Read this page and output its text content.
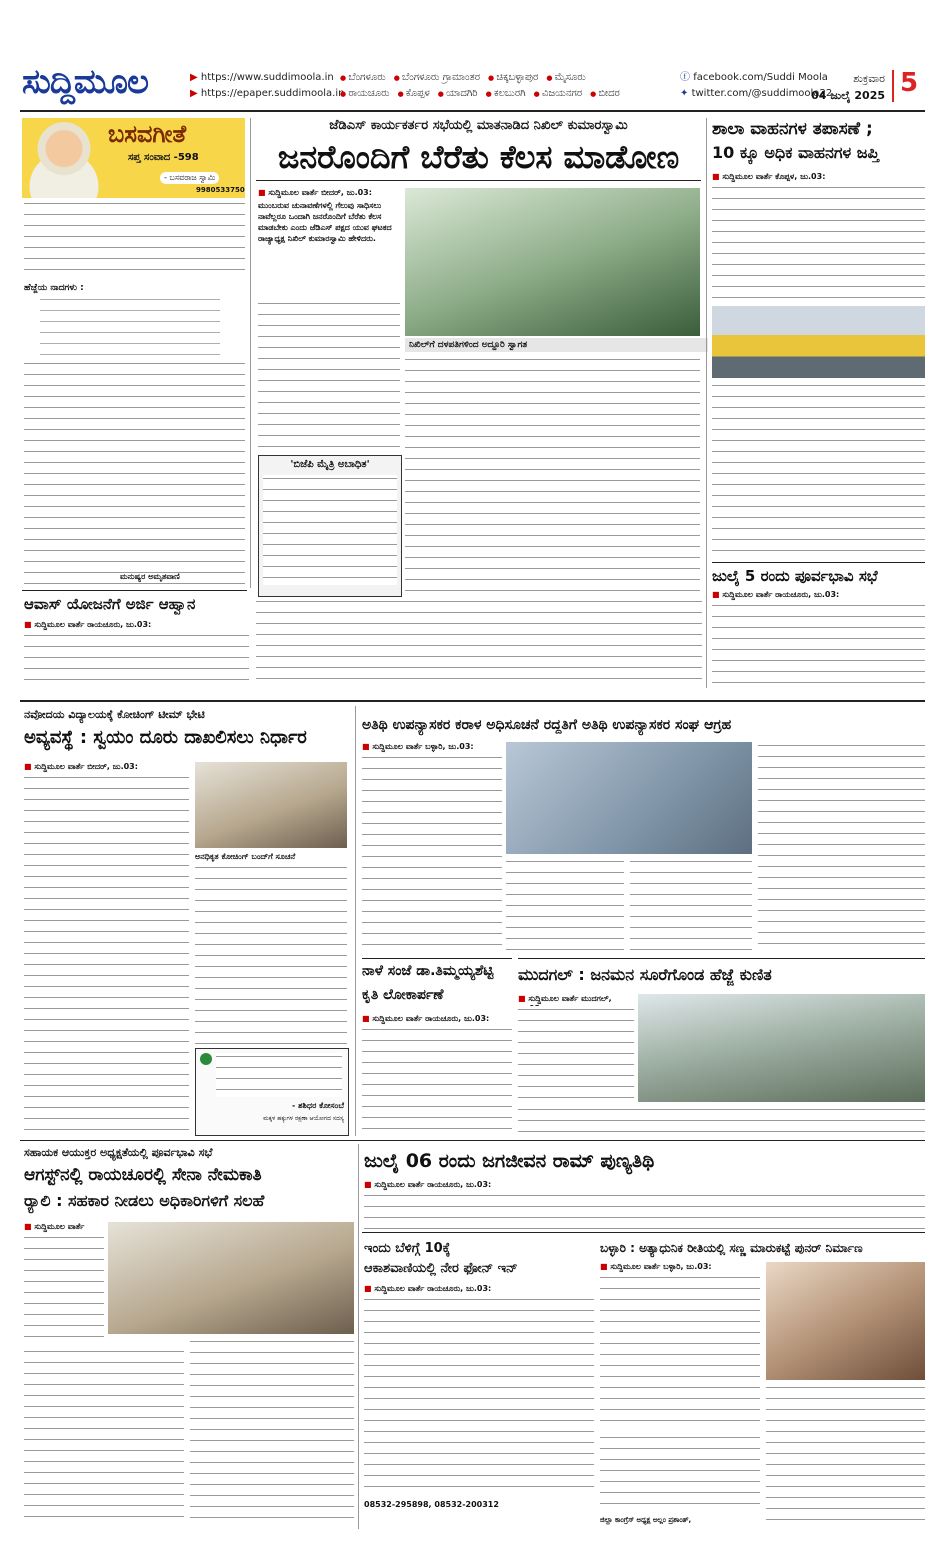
ಸುದ್ದಿಮೂಲ	▶ https://www.suddimoola.in
▶ https://epaper.suddimoola.in
● ಬೆಂಗಳೂರು ● ಬೆಂಗಳೂರು ಗ್ರಾಮಾಂತರ ● ಚಿಕ್ಕಬಳ್ಳಾಪುರ ● ಮೈಸೂರು
● ರಾಯಚೂರು ● ಕೊಪ್ಪಳ ● ಯಾದಗಿರಿ ● ಕಲಬುರಗಿ ● ವಿಜಯನಗರ ● ಬೀದರ
ⓕ facebook.com/Suddi Moola
✦ twitter.com/@suddimoola22
ಶುಕ್ರವಾರ
04 ಜುಲೈ 2025 5
ಬಸವಗೀತೆ
ಸಪ್ತ ಸಂವಾದ -598
- ಬಸವರಾಜ ಸ್ವಾಮಿ
9980533750
ಹೆಜ್ಜೆಯ ನಾದಗಳು :
ಮನುಷ್ಯರ ಅಮೃತವಾಣಿ
ಜೆಡಿಎಸ್ ಕಾರ್ಯಕರ್ತರ ಸಭೆಯಲ್ಲಿ ಮಾತನಾಡಿದ ನಿಖಿಲ್ ಕುಮಾರಸ್ವಾಮಿ
ಜನರೊಂದಿಗೆ ಬೆರೆತು ಕೆಲಸ ಮಾಡೋಣ
■ ಸುದ್ದಿಮೂಲ ವಾರ್ತೆ ಬೀದರ್, ಜು.03:
ಮುಂಬರುವ ಚುನಾವಣೆಗಳಲ್ಲಿ ಗೆಲುವು ಸಾಧಿಸಲು ನಾವೆಲ್ಲರೂ ಒಂದಾಗಿ ಜನರೊಂದಿಗೆ ಬೆರೆತು ಕೆಲಸ ಮಾಡಬೇಕು ಎಂದು ಜೆಡಿಎಸ್ ಪಕ್ಷದ ಯುವ ಘಟಕದ ರಾಜ್ಯಾಧ್ಯಕ್ಷ ನಿಖಿಲ್ ಕುಮಾರಸ್ವಾಮಿ ಹೇಳಿದರು.
ನಿಖಿಲ್‌ಗೆ ದಳಪತಿಗಳಿಂದ ಅದ್ದೂರಿ ಸ್ವಾಗತ
'ಬಿಜೆಪಿ ಮೈತ್ರಿ ಅಬಾಧಿತ'
ಶಾಲಾ ವಾಹನಗಳ ತಪಾಸಣೆ ;
10 ಕ್ಕೂ ಅಧಿಕ ವಾಹನಗಳ ಜಪ್ತಿ
■ ಸುದ್ದಿಮೂಲ ವಾರ್ತೆ ಕೊಪ್ಪಳ, ಜು.03:
ಆವಾಸ್ ಯೋಜನೆಗೆ ಅರ್ಜಿ ಆಹ್ವಾನ
■ ಸುದ್ದಿಮೂಲ ವಾರ್ತೆ ರಾಯಚೂರು, ಜು.03:
ಜುಲೈ 5 ರಂದು ಪೂರ್ವಭಾವಿ ಸಭೆ
■ ಸುದ್ದಿಮೂಲ ವಾರ್ತೆ ರಾಯಚೂರು, ಜು.03:
ನವೋದಯ ವಿದ್ಯಾಲಯಕ್ಕೆ ಕೋಚಿಂಗ್ ಟೀಮ್ ಭೇಟಿ
ಅವ್ಯವಸ್ಥೆ : ಸ್ವಯಂ ದೂರು ದಾಖಲಿಸಲು ನಿರ್ಧಾರ
■ ಸುದ್ದಿಮೂಲ ವಾರ್ತೆ ಬೀದರ್, ಜು.03:
ಅನಧಿಕೃತ ಕೋಚಿಂಗ್ ಬಂದ್‌ಗೆ ಸೂಚನೆ
- ಶಶಿಧರ ಕೋಸಂಬೆ
ಮಕ್ಕಳ ಹಕ್ಕುಗಳ ರಕ್ಷಣಾ ಆಯೋಗದ ಸದಸ್ಯ
ಅತಿಥಿ ಉಪನ್ಯಾಸಕರ ಕರಾಳ ಅಧಿಸೂಚನೆ ರದ್ದತಿಗೆ ಅತಿಥಿ ಉಪನ್ಯಾಸಕರ ಸಂಘ ಆಗ್ರಹ
■ ಸುದ್ದಿಮೂಲ ವಾರ್ತೆ ಬಳ್ಳಾರಿ, ಜು.03:
ನಾಳೆ ಸಂಜೆ ಡಾ.ತಿಮ್ಮಯ್ಯಶೆಟ್ಟಿ
ಕೃತಿ ಲೋಕಾರ್ಪಣೆ
■ ಸುದ್ದಿಮೂಲ ವಾರ್ತೆ ರಾಯಚೂರು, ಜು.03:
ಮುದಗಲ್ : ಜನಮನ ಸೂರೆಗೊಂಡ ಹೆಜ್ಜೆ ಕುಣಿತ
■ ಸುದ್ದಿಮೂಲ ವಾರ್ತೆ ಮುದಗಲ್,
ಸಹಾಯಕ ಆಯುಕ್ತರ ಅಧ್ಯಕ್ಷತೆಯಲ್ಲಿ ಪೂರ್ವಭಾವಿ ಸಭೆ
ಆಗಸ್ಟ್‌ನಲ್ಲಿ ರಾಯಚೂರಲ್ಲಿ ಸೇನಾ ನೇಮಕಾತಿ
ರ‍್ಯಾಲಿ : ಸಹಕಾರ ನೀಡಲು ಅಧಿಕಾರಿಗಳಿಗೆ ಸಲಹೆ
■ ಸುದ್ದಿಮೂಲ ವಾರ್ತೆ
ಜುಲೈ 06 ರಂದು ಜಗಜೀವನ ರಾಮ್ ಪುಣ್ಯತಿಥಿ
■ ಸುದ್ದಿಮೂಲ ವಾರ್ತೆ ರಾಯಚೂರು, ಜು.03:
ಇಂದು ಬೆಳಿಗ್ಗೆ 10ಕ್ಕೆ
ಆಕಾಶವಾಣಿಯಲ್ಲಿ ನೇರ ಫೋನ್ ಇನ್
■ ಸುದ್ದಿಮೂಲ ವಾರ್ತೆ ರಾಯಚೂರು, ಜು.03:
08532-295898, 08532-200312
ಬಳ್ಳಾರಿ : ಅತ್ಯಾಧುನಿಕ ರೀತಿಯಲ್ಲಿ ಸಣ್ಣ ಮಾರುಕಟ್ಟೆ ಪುನರ್ ನಿರ್ಮಾಣ
■ ಸುದ್ದಿಮೂಲ ವಾರ್ತೆ ಬಳ್ಳಾರಿ, ಜು.03:
ಜಿಲ್ಲಾ ಕಾಂಗ್ರೆಸ್ ಅಧ್ಯಕ್ಷ ಅಲ್ಲಂ ಪ್ರಶಾಂತ್,
